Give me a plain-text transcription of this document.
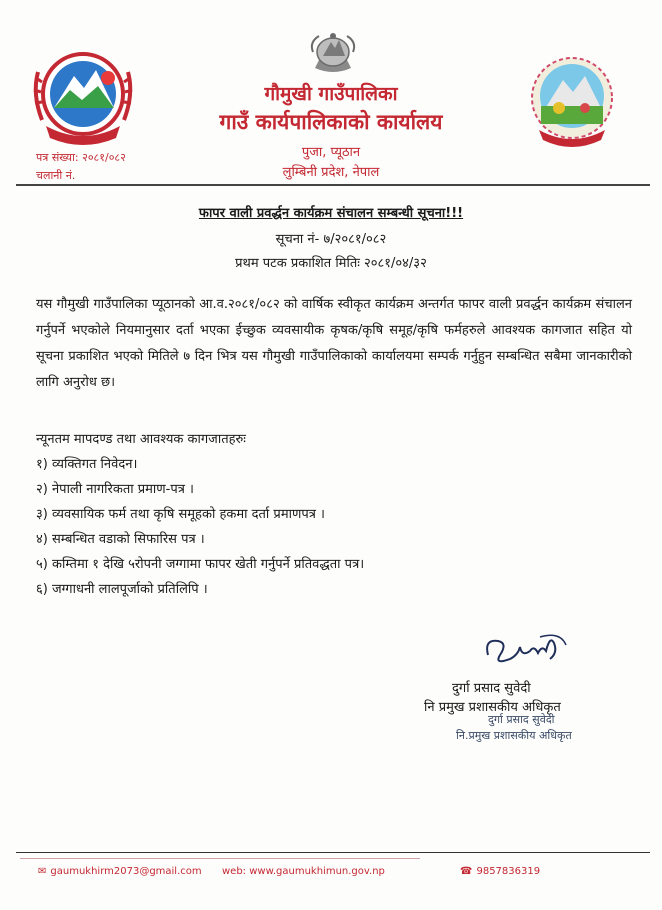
गौमुखी गाउँपालिका
गाउँ कार्यपालिकाको कार्यालय
पुजा, प्यूठान
लुम्बिनी प्रदेश, नेपाल
पत्र संख्या: २०८१/०८२
चलानी नं.
फापर वाली प्रवर्द्धन कार्यक्रम संचालन सम्बन्धी सूचना!!!
सूचना नं- ७/२०८१/०८२
प्रथम पटक प्रकाशित मितिः २०८१/०४/३२

यस गौमुखी गाउँपालिका प्यूठानको आ.व.२०८१/०८२ को वार्षिक स्वीकृत कार्यक्रम अन्तर्गत फापर वाली प्रवर्द्धन कार्यक्रम संचालन गर्नुपर्ने भएकोले नियमानुसार दर्ता भएका ईच्छुक व्यवसायीक कृषक/कृषि समूह/कृषि फर्महरुले आवश्यक कागजात सहित यो सूचना प्रकाशित भएको मितिले ७ दिन भित्र यस गौमुखी गाउँपालिकाको कार्यालयमा सम्पर्क गर्नुहुन सम्बन्धित सबैमा जानकारीको लागि अनुरोध छ।

न्यूनतम मापदण्ड तथा आवश्यक कागजातहरुः
१) व्यक्तिगत निवेदन।
२) नेपाली नागरिकता प्रमाण-पत्र ।
३) व्यवसायिक फर्म तथा कृषि समूहको हकमा दर्ता प्रमाणपत्र ।
४) सम्बन्धित वडाको सिफारिस पत्र ।
५) कम्तिमा १ देखि ५रोपनी जग्गामा फापर खेती गर्नुपर्ने प्रतिवद्धता पत्र।
६) जग्गाधनी लालपूर्जाको प्रतिलिपि ।
दुर्गा प्रसाद सुवेदी
नि प्रमुख प्रशासकीय अधिकृत
दुर्गा प्रसाद सुवेदी
नि.प्रमुख प्रशासकीय अधिकृत
✉ gaumukhirm2073@gmail.com web: www.gaumukhimun.gov.np	☎ 9857836319
